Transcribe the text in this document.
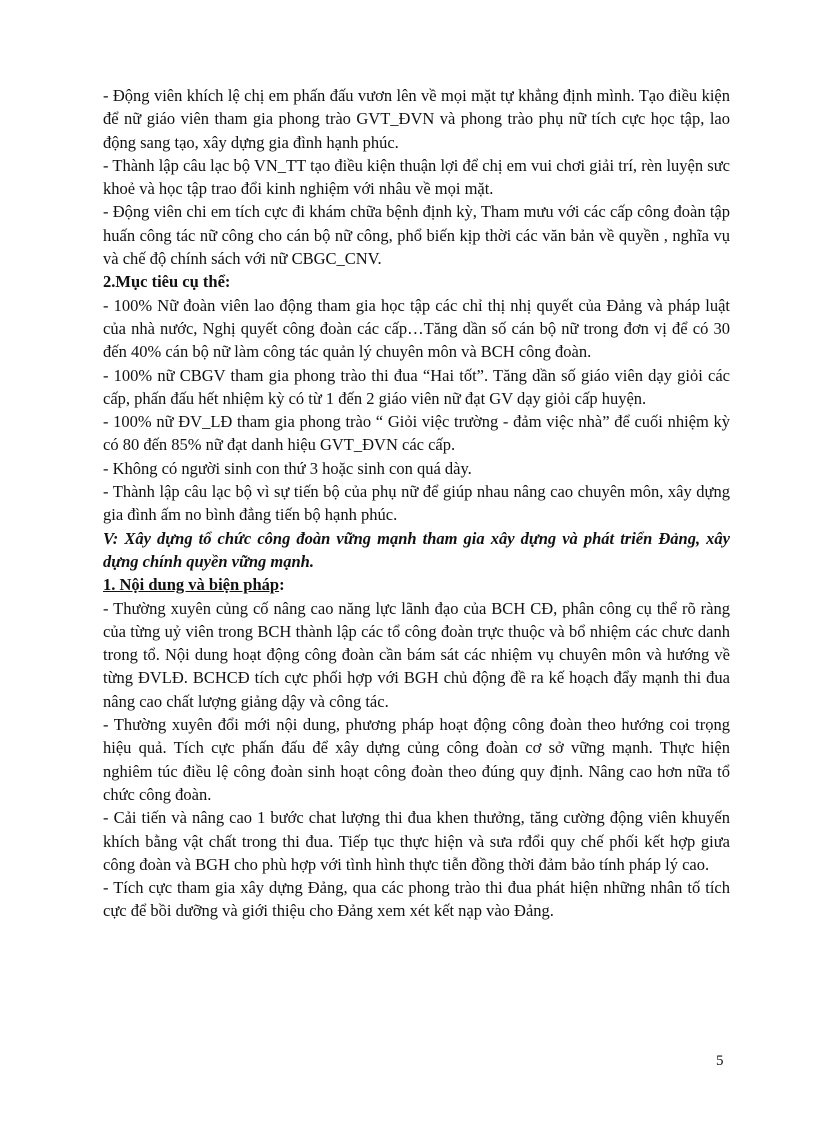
- Động viên khích lệ chị em phấn đấu vươn lên về mọi mặt tự khẳng định mình. Tạo điều kiện để nữ giáo viên tham gia phong trào GVT_ĐVN và phong trào phụ nữ tích cực học tập, lao động sang tạo, xây dựng gia đình hạnh phúc.

- Thành lập câu lạc bộ VN_TT tạo điều kiện thuận lợi để chị em vui chơi giải trí, rèn luyện sưc khoẻ và học tập trao đổi kinh nghiệm với nhâu về mọi mặt.

- Động viên chi em tích cực đi khám chữa bệnh định kỳ, Tham mưu với các cấp công đoàn tập huấn công tác nữ công cho cán bộ nữ công, phổ biến kịp thời các văn bản về quyền , nghĩa vụ và chế độ chính sách với nữ CBGC_CNV.

2.Mục tiêu cụ thể:

- 100% Nữ đoàn viên lao động tham gia học tập các chỉ thị nhị quyết của Đảng và pháp luật của nhà nước, Nghị quyết công đoàn các cấp…Tăng dần số cán bộ nữ trong đơn vị để có 30 đến 40% cán bộ nữ làm công tác quản lý chuyên môn và BCH công đoàn.

- 100% nữ CBGV tham gia phong trào thi đua “Hai tốt”. Tăng dần số giáo viên dạy giỏi các cấp, phấn đấu hết nhiệm kỳ có từ 1 đến 2 giáo viên nữ đạt GV dạy giỏi cấp huyện.

- 100% nữ ĐV_LĐ tham gia phong trào “ Giỏi việc trường - đảm việc nhà” để cuối nhiệm kỳ có 80 đến 85% nữ đạt danh hiệu GVT_ĐVN các cấp.

- Không có người sinh con thứ 3 hoặc sinh con quá dày.

- Thành lập câu lạc bộ vì sự tiến bộ của phụ nữ để giúp nhau nâng cao chuyên môn, xây dựng gia đình ấm no bình đẳng tiến bộ hạnh phúc.

V: Xây dựng tổ chức công đoàn vững mạnh tham gia xây dựng và phát triển Đảng, xây dựng chính quyền vững mạnh.

1. Nội dung và biện pháp:

- Thường xuyên củng cố nâng cao năng lực lãnh đạo của BCH CĐ, phân công cụ thể rõ ràng của từng uỷ viên trong BCH thành lập các tổ công đoàn trực thuộc và bổ nhiệm các chưc danh trong tổ. Nội dung hoạt động công đoàn cần bám sát các nhiệm vụ chuyên môn và hướng về từng ĐVLĐ. BCHCĐ tích cực phối hợp với BGH chủ động đề ra kế hoạch đẩy mạnh thi đua nâng cao chất lượng giảng dậy và công tác.

- Thường xuyên đổi mới nội dung, phương pháp hoạt động công đoàn theo hướng coi trọng hiệu quả. Tích cực phấn đấu để xây dựng củng công đoàn cơ sở vững mạnh. Thực hiện nghiêm túc điều lệ công đoàn sinh hoạt công đoàn theo đúng quy định. Nâng cao hơn nữa tổ chức công đoàn.

- Cải tiến và nâng cao 1 bước chat lượng thi đua khen thưởng, tăng cường động viên khuyến khích bằng vật chất trong thi đua. Tiếp tục thực hiện và sưa rđổi quy chế phối kết hợp giưa công đoàn và BGH cho phù hợp với tình hình thực tiễn đồng thời đảm bảo tính pháp lý cao.

- Tích cực tham gia xây dựng Đảng, qua các phong trào thi đua phát hiện những nhân tố tích cực để bồi dưỡng và giới thiệu cho Đảng xem xét kết nạp vào Đảng.

5
